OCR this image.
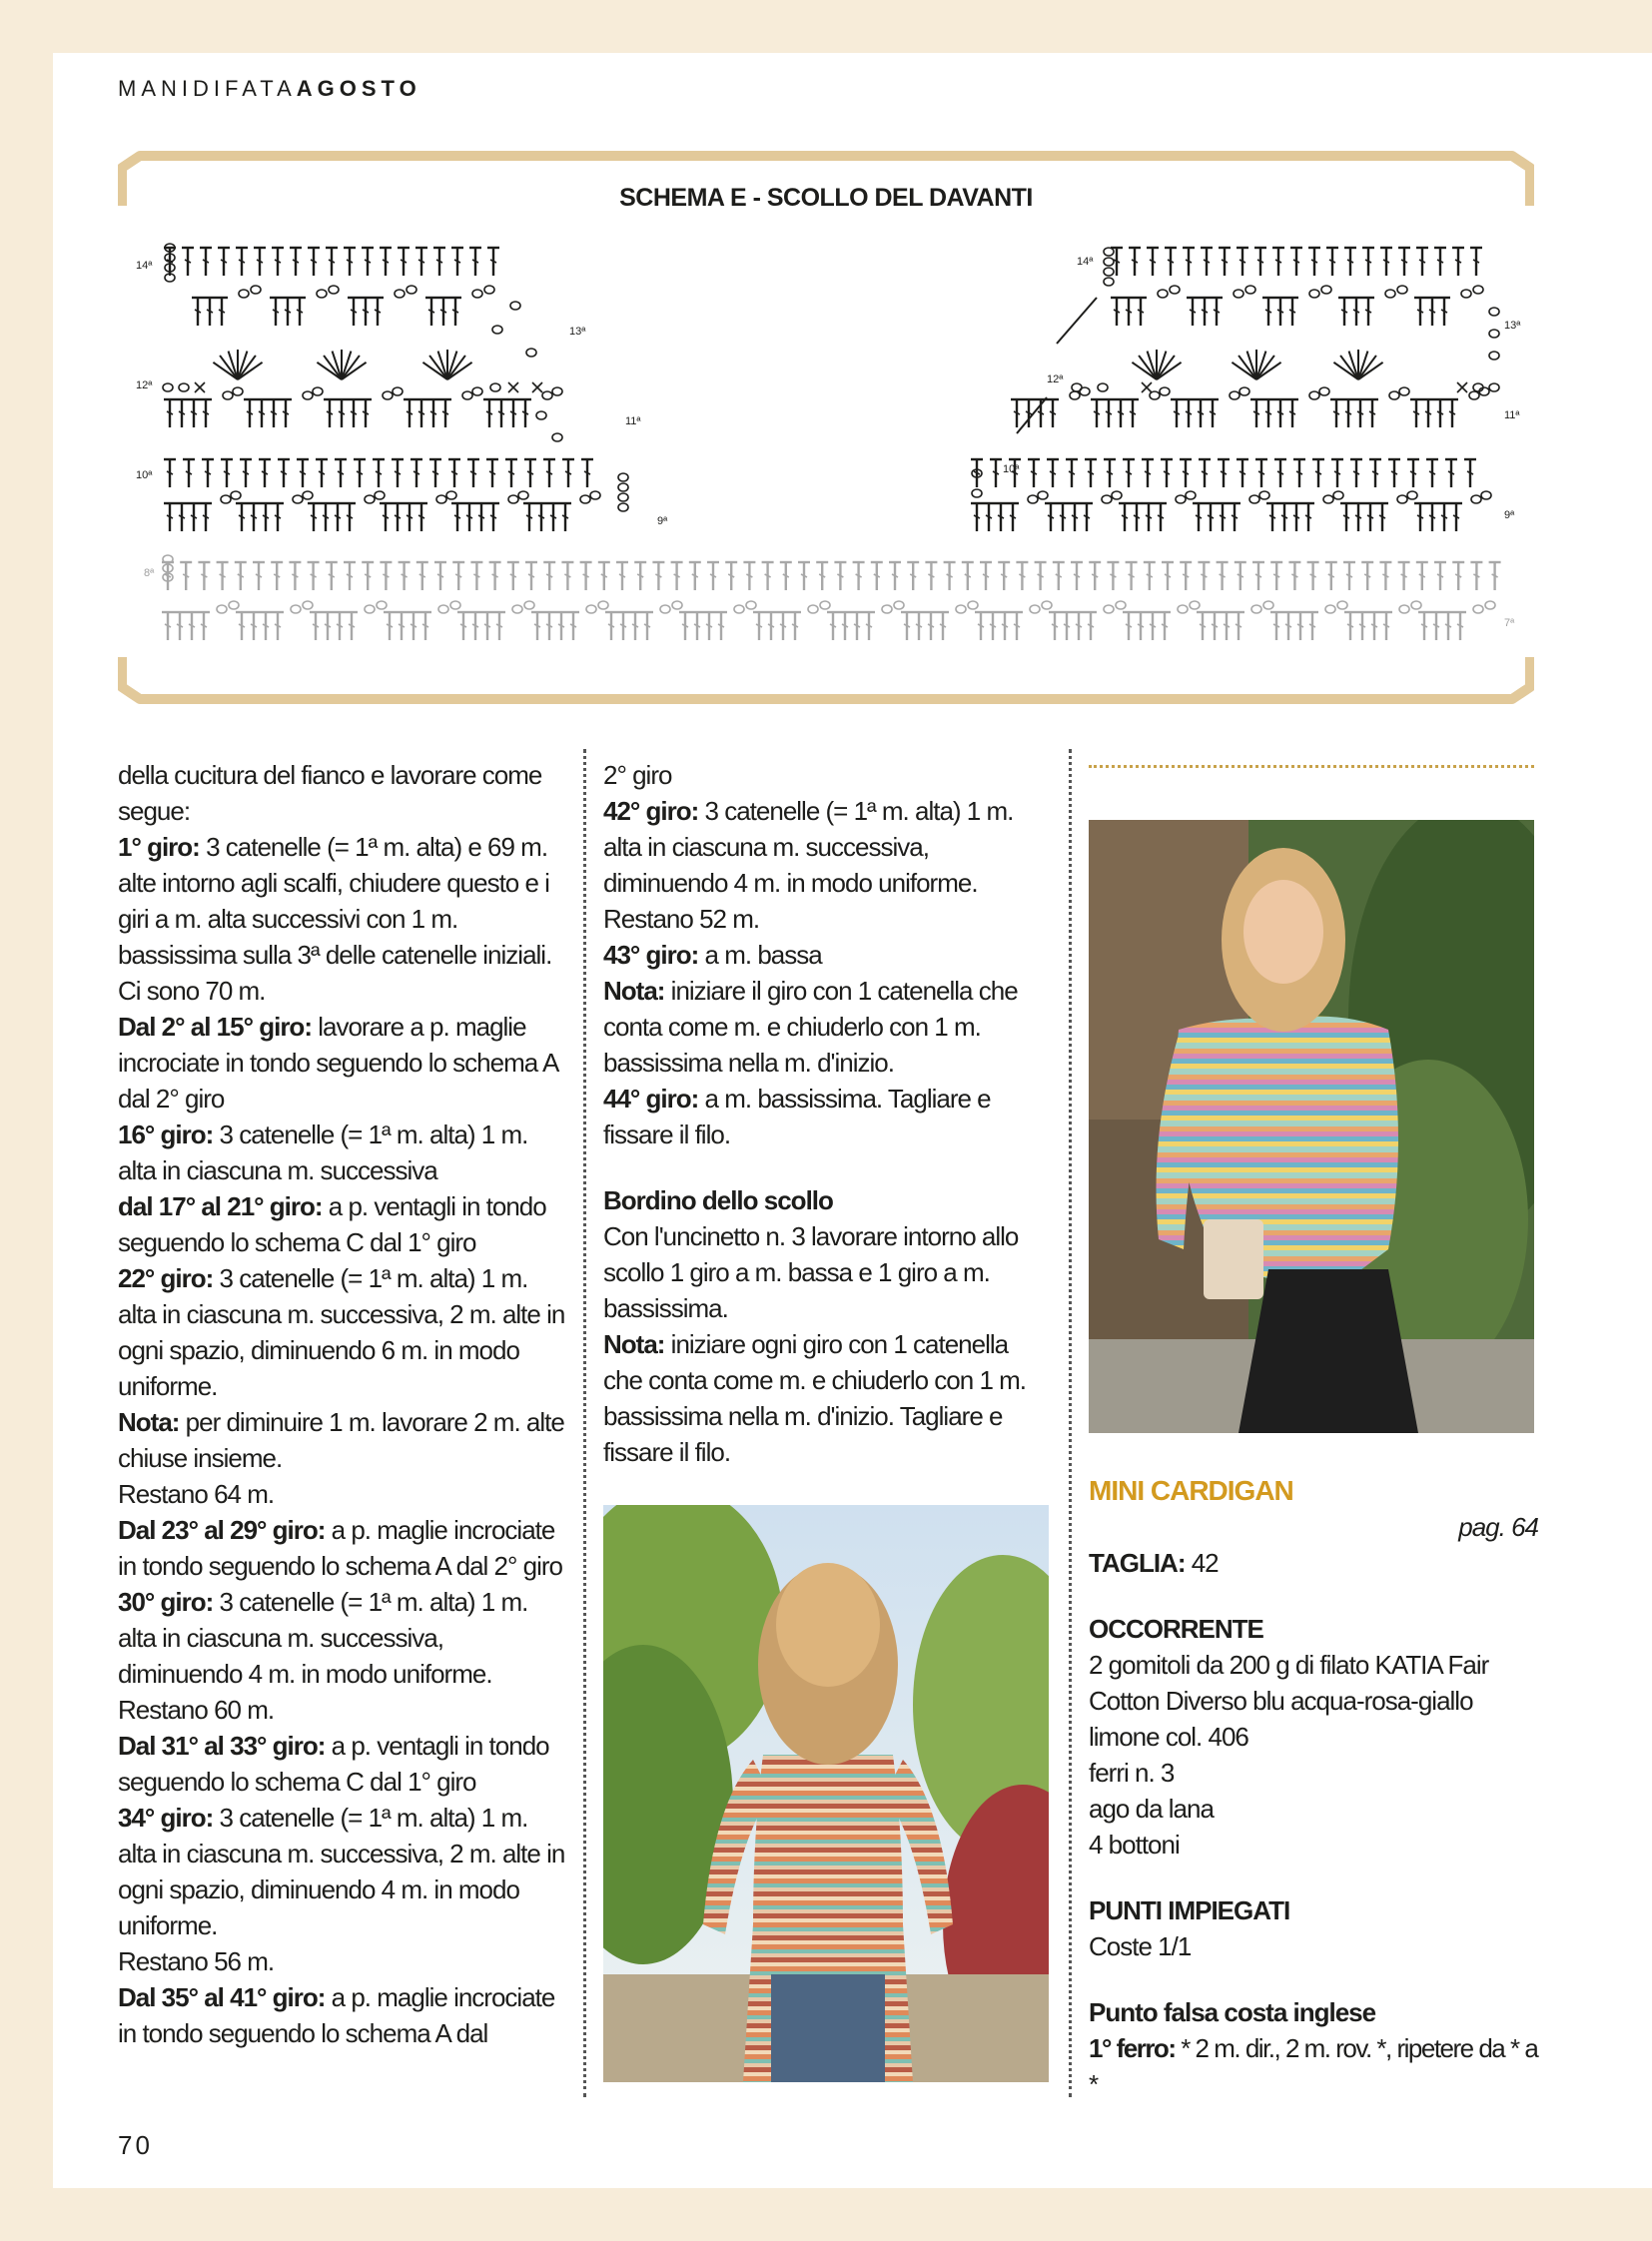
MANIDIFATAAGOSTO
SCHEMA E - SCOLLO DEL DAVANTI
14ª
12ª
10ª
8ª
13ª
11ª
9ª
14ª
12ª
10ª
13ª
11ª
9ª
7ª

della cucitura del fianco e lavorare come segue:

1° giro: 3 catenelle (= 1ª m. alta) e 69 m. alte intorno agli scalfi, chiudere questo e i giri a m. alta successivi con 1 m. bassissima sulla 3ª delle catenelle iniziali.

Ci sono 70 m.

Dal 2° al 15° giro: lavorare a p. maglie incrociate in tondo seguendo lo schema A dal 2° giro

16° giro: 3 catenelle (= 1ª m. alta) 1 m. alta in ciascuna m. successiva

dal 17° al 21° giro: a p. ventagli in tondo seguendo lo schema C dal 1° giro

22° giro: 3 catenelle (= 1ª m. alta) 1 m. alta in ciascuna m. successiva, 2 m. alte in ogni spazio, diminuendo 6 m. in modo uniforme.

Nota: per diminuire 1 m. lavorare 2 m. alte chiuse insieme.

Restano 64 m.

Dal 23° al 29° giro: a p. maglie incrociate in tondo seguendo lo schema A dal 2° giro

30° giro: 3 catenelle (= 1ª m. alta) 1 m. alta in ciascuna m. successiva, diminuendo 4 m. in modo uniforme.

Restano 60 m.

Dal 31° al 33° giro: a p. ventagli in tondo seguendo lo schema C dal 1° giro

34° giro: 3 catenelle (= 1ª m. alta) 1 m. alta in ciascuna m. successiva, 2 m. alte in ogni spazio, diminuendo 4 m. in modo uniforme.

Restano 56 m.

Dal 35° al 41° giro: a p. maglie incrociate in tondo seguendo lo schema A dal

2° giro

42° giro: 3 catenelle (= 1ª m. alta) 1 m. alta in ciascuna m. successiva, diminuendo 4 m. in modo uniforme.

Restano 52 m.

43° giro: a m. bassa

Nota: iniziare il giro con 1 catenella che conta come m. e chiuderlo con 1 m. bassissima nella m. d'inizio.

44° giro: a m. bassissima. Tagliare e fissare il filo.

Bordino dello scollo

Con l'uncinetto n. 3 lavorare intorno allo scollo 1 giro a m. bassa e 1 giro a m. bassissima.

Nota: iniziare ogni giro con 1 catenella che conta come m. e chiuderlo con 1 m. bassissima nella m. d'inizio. Tagliare e fissare il filo.

MINI CARDIGAN

pag. 64

TAGLIA: 42

OCCORRENTE

2 gomitoli da 200 g di filato KATIA Fair Cotton Diverso blu acqua-rosa-giallo limone col. 406

ferri n. 3

ago da lana

4 bottoni

PUNTI IMPIEGATI

Coste 1/1

Punto falsa costa inglese

1° ferro: * 2 m. dir., 2 m. rov. *, ripetere da * a *

70
